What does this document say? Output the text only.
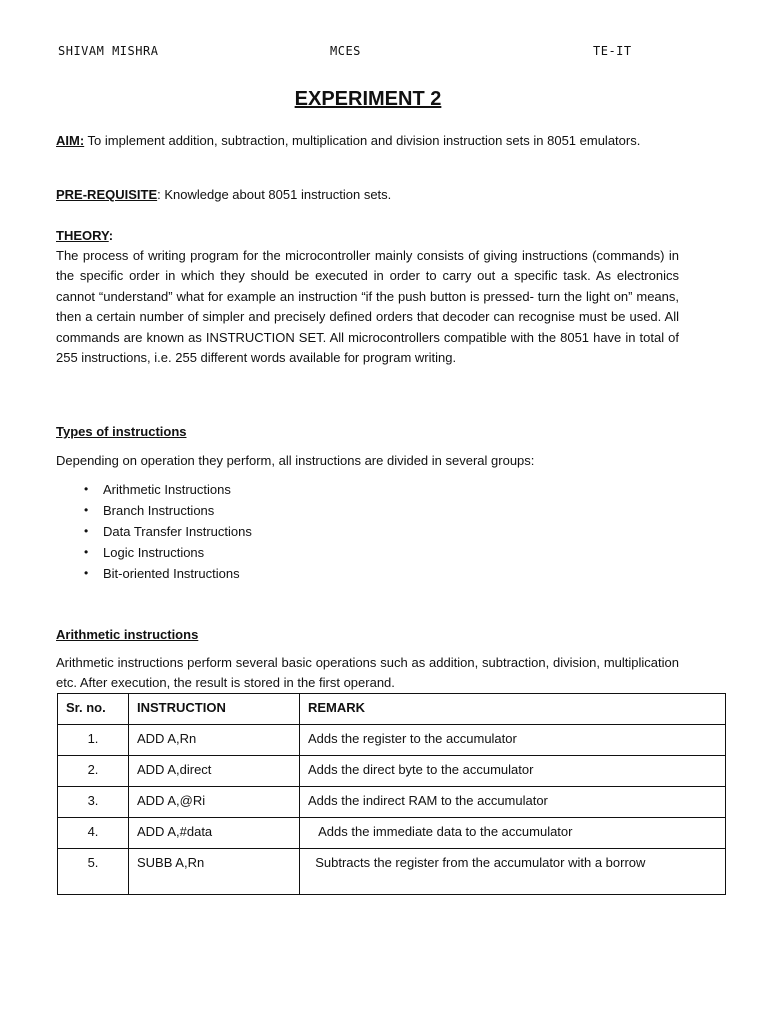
SHIVAM MISHRA	MCES	TE-IT
EXPERIMENT 2
AIM: To implement addition, subtraction, multiplication and division instruction sets in 8051 emulators.
PRE-REQUISITE: Knowledge about 8051 instruction sets.
THEORY:
The process of writing program for the microcontroller mainly consists of giving instructions (commands) in the specific order in which they should be executed in order to carry out a specific task. As electronics cannot “understand” what for example an instruction “if the push button is pressed- turn the light on” means, then a certain number of simpler and precisely defined orders that decoder can recognise must be used. All commands are known as INSTRUCTION SET. All microcontrollers compatible with the 8051 have in total of 255 instructions, i.e. 255 different words available for program writing.
Types of instructions
Depending on operation they perform, all instructions are divided in several groups:
• Arithmetic Instructions
• Branch Instructions
• Data Transfer Instructions
• Logic Instructions
• Bit-oriented Instructions
Arithmetic instructions
Arithmetic instructions perform several basic operations such as addition, subtraction, division, multiplication etc. After execution, the result is stored in the first operand.
Sr. no.	INSTRUCTION	REMARK
1.	ADD A,Rn	Adds the register to the accumulator
2.	ADD A,direct	Adds the direct byte to the accumulator
3.	ADD A,@Ri	Adds the indirect RAM to the accumulator
4.	ADD A,#data	Adds the immediate data to the accumulator
5.	SUBB A,Rn	Subtracts the register from the accumulator with a borrow
